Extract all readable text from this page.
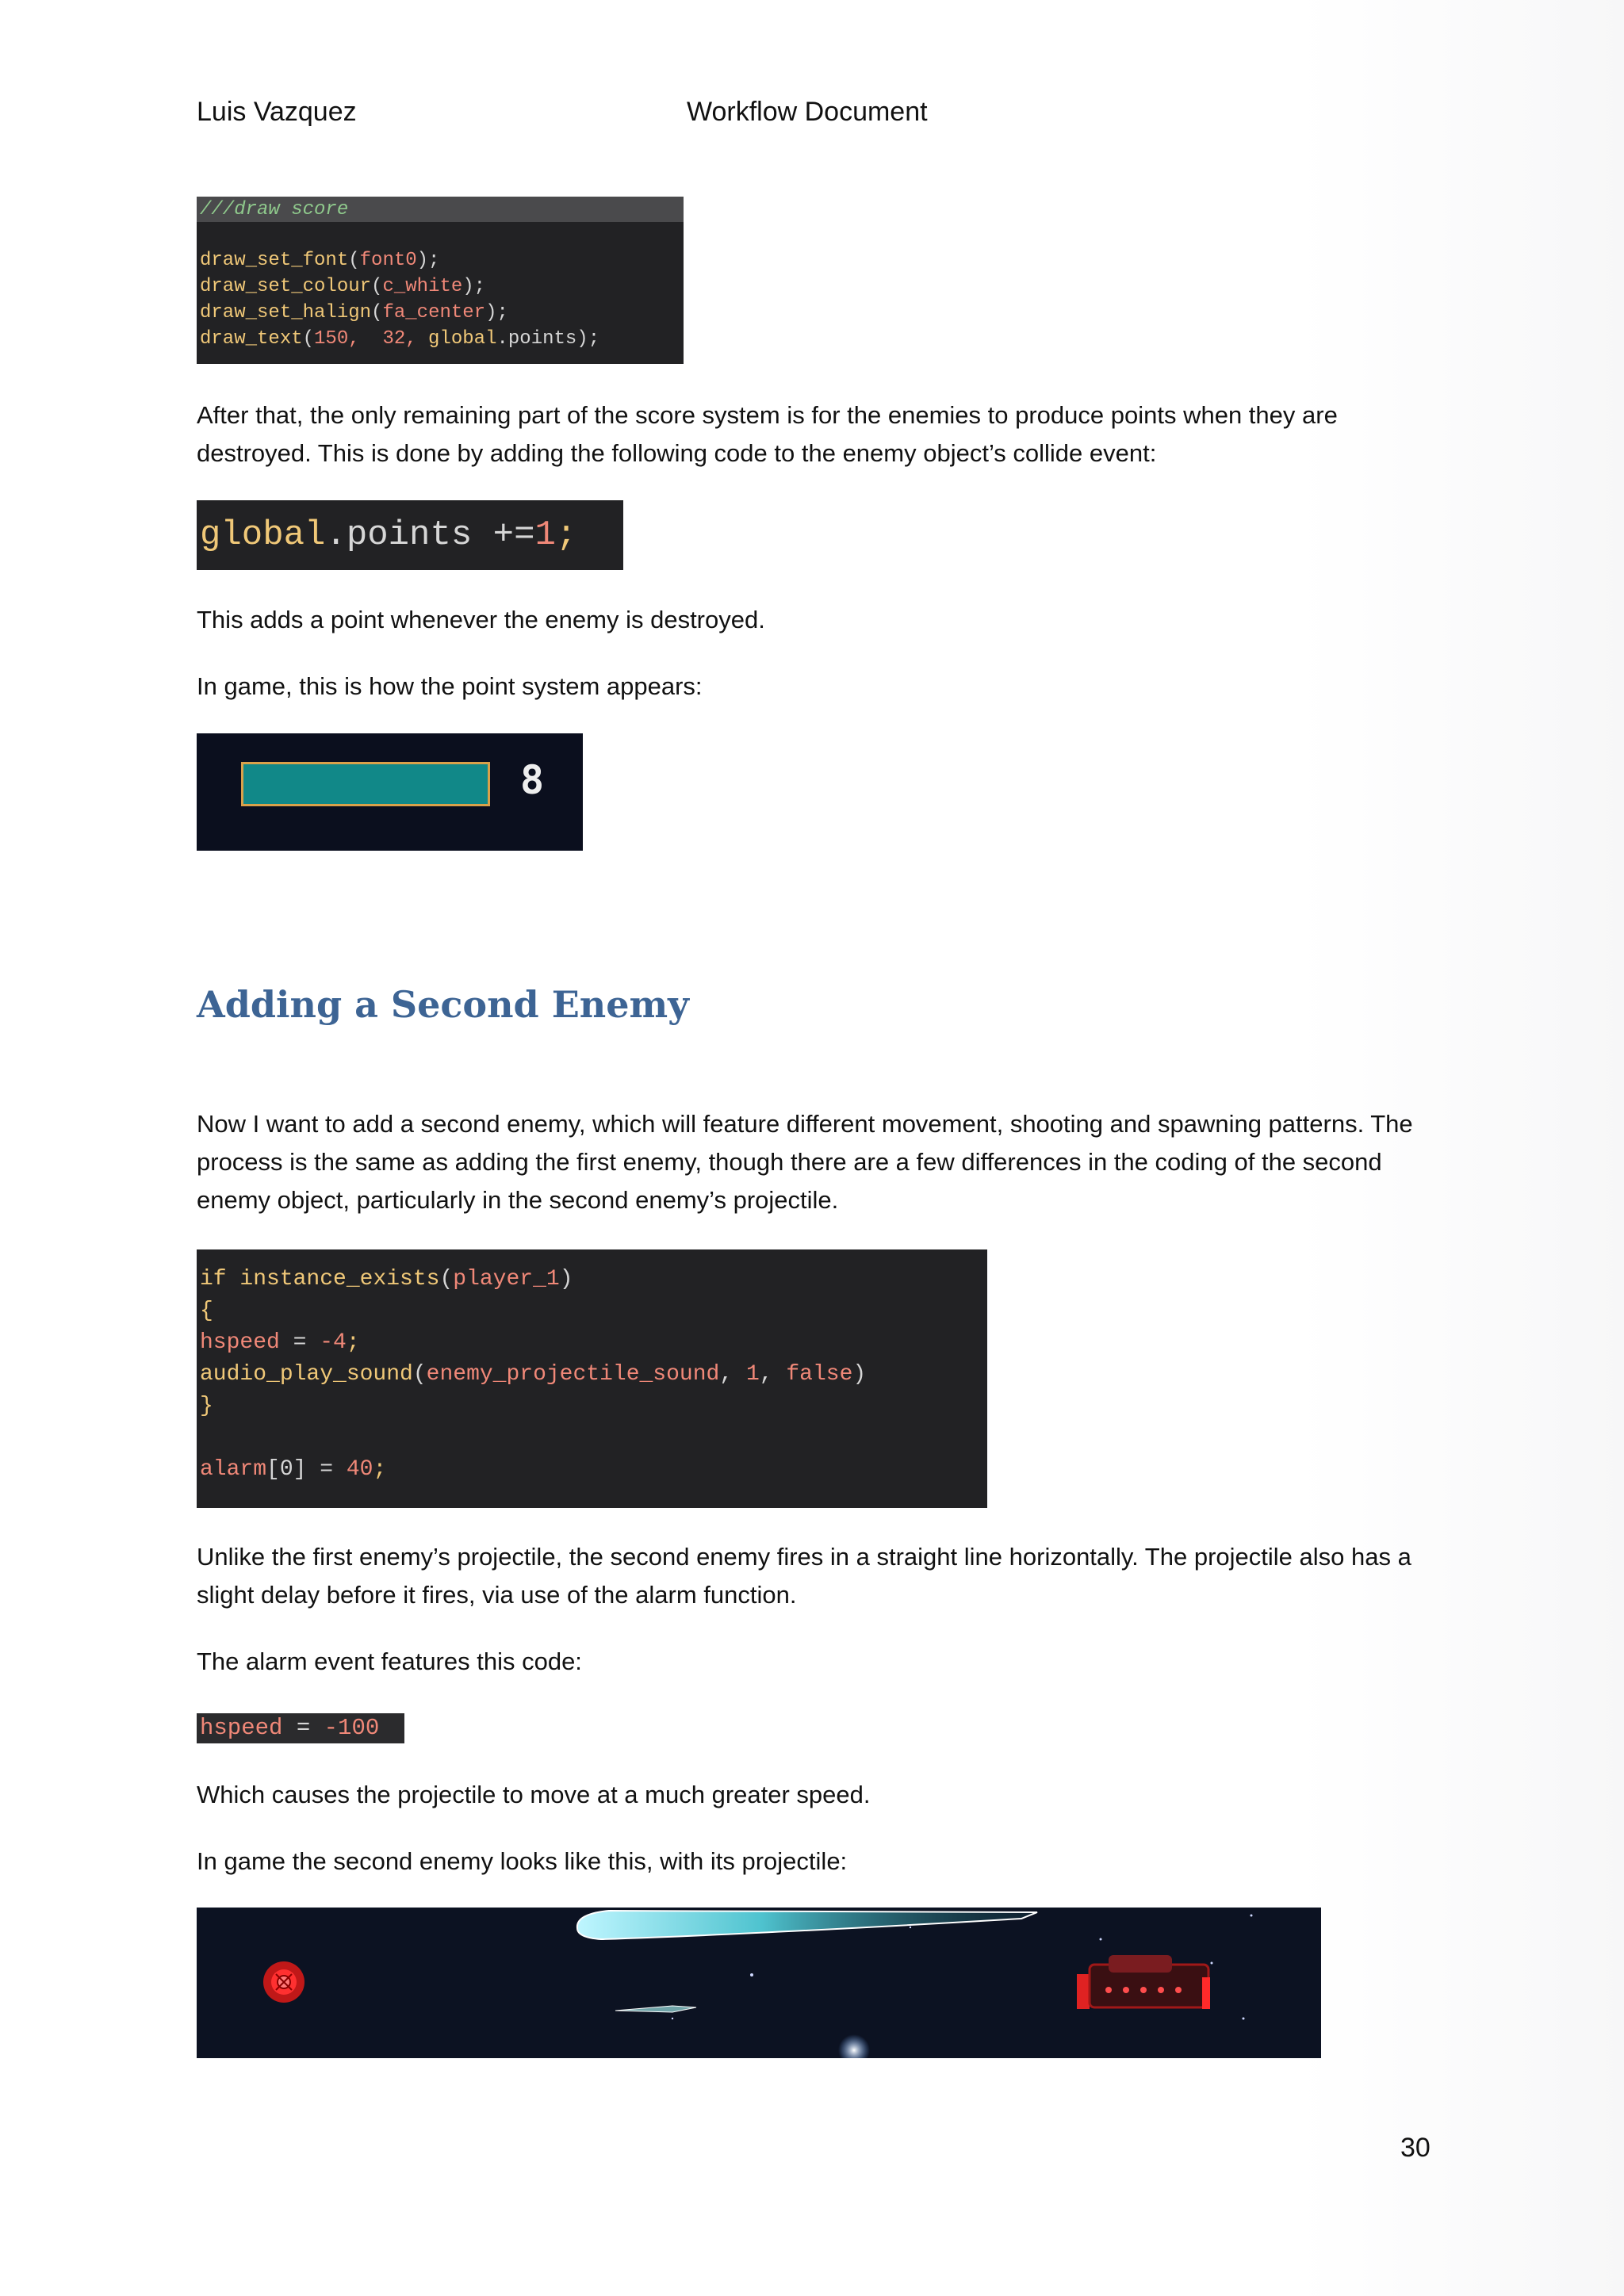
Luis Vazquez	Workflow Document
///draw score
draw_set_font(font0);
draw_set_colour(c_white);
draw_set_halign(fa_center);
draw_text(150,  32, global.points);

After that, the only remaining part of the score system is for the enemies to produce points when they are destroyed. This is done by adding the following code to the enemy object’s collide event:

global.points +=1;

This adds a point whenever the enemy is destroyed.

In game, this is how the point system appears:

8
Adding a Second Enemy

Now I want to add a second enemy, which will feature different movement, shooting and spawning patterns. The process is the same as adding the first enemy, though there are a few differences in the coding of the second enemy object, particularly in the second enemy’s projectile.

if instance_exists(player_1)
{
hspeed = -4;
audio_play_sound(enemy_projectile_sound, 1, false)
}

alarm[0] = 40;

Unlike the first enemy’s projectile, the second enemy fires in a straight line horizontally. The projectile also has a slight delay before it fires, via use of the alarm function.

The alarm event features this code:

hspeed = -100

Which causes the projectile to move at a much greater speed.

In game the second enemy looks like this, with its projectile:

30
